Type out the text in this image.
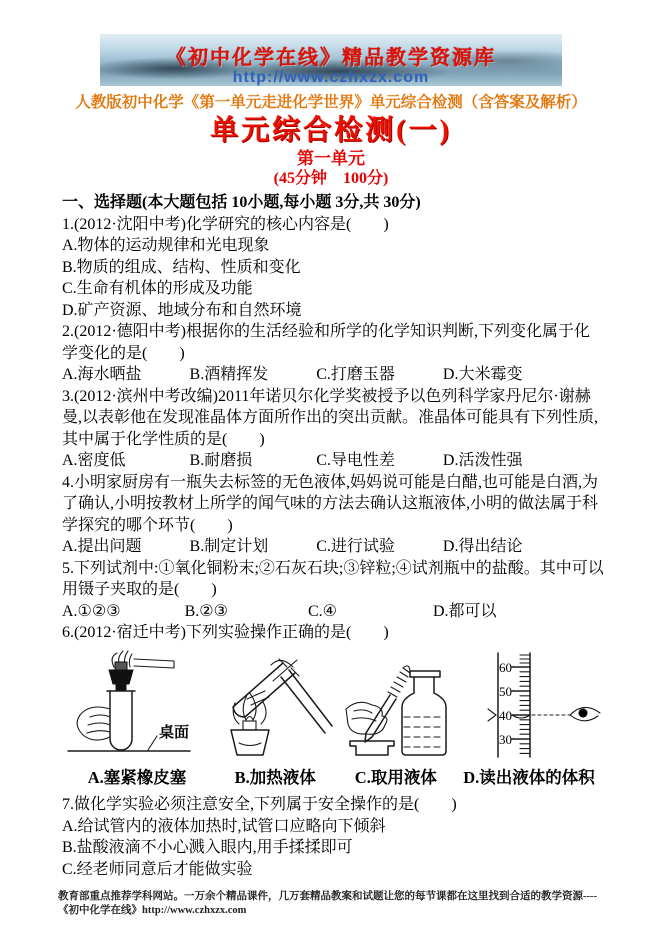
《初中化学在线》精品教学资源库
http://www.czhxzx.com
人教版初中化学《第一单元走进化学世界》单元综合检测（含答案及解析）
单元综合检测(一)
第一单元
(45分钟　100分)

一、选择题(本大题包括 10小题,每小题 3分,共 30分)

1.(2012·沈阳中考)化学研究的核心内容是(　　)

A.物体的运动规律和光电现象

B.物质的组成、结构、性质和变化

C.生命有机体的形成及功能

D.矿产资源、地域分布和自然环境

2.(2012·德阳中考)根据你的生活经验和所学的化学知识判断,下列变化属于化学变化的是(　　)

A.海水晒盐　　　B.酒精挥发　　　C.打磨玉器　　　D.大米霉变

3.(2012·滨州中考改编)2011年诺贝尔化学奖被授予以色列科学家丹尼尔·谢赫曼,以表彰他在发现准晶体方面所作出的突出贡献。准晶体可能具有下列性质,其中属于化学性质的是(　　)

A.密度低　　　　B.耐磨损　　　　C.导电性差　　　D.活泼性强

4.小明家厨房有一瓶失去标签的无色液体,妈妈说可能是白醋,也可能是白酒,为了确认,小明按教材上所学的闻气味的方法去确认这瓶液体,小明的做法属于科学探究的哪个环节(　　)

A.提出问题　　　B.制定计划　　　C.进行试验　　　D.得出结论

5.下列试剂中:①氧化铜粉末;②石灰石块;③锌粒;④试剂瓶中的盐酸。其中可以用镊子夹取的是(　　)

A.①②③　　　　B.②③　　　　　C.④　　　　　　D.都可以

6.(2012·宿迁中考)下列实验操作正确的是(　　)

桌面
A.塞紧橡皮塞	B.加热液体	C.取用液体
60
50
40
30
D.读出液体的体积

7.做化学实验必须注意安全,下列属于安全操作的是(　　)

A.给试管内的液体加热时,试管口应略向下倾斜

B.盐酸液滴不小心溅入眼内,用手揉揉即可

C.经老师同意后才能做实验

教育部重点推荐学科网站。一万余个精品课件，几万套精品教案和试题让您的每节课都在这里找到合适的教学资源----《初中化学在线》http://www.czhxzx.com
